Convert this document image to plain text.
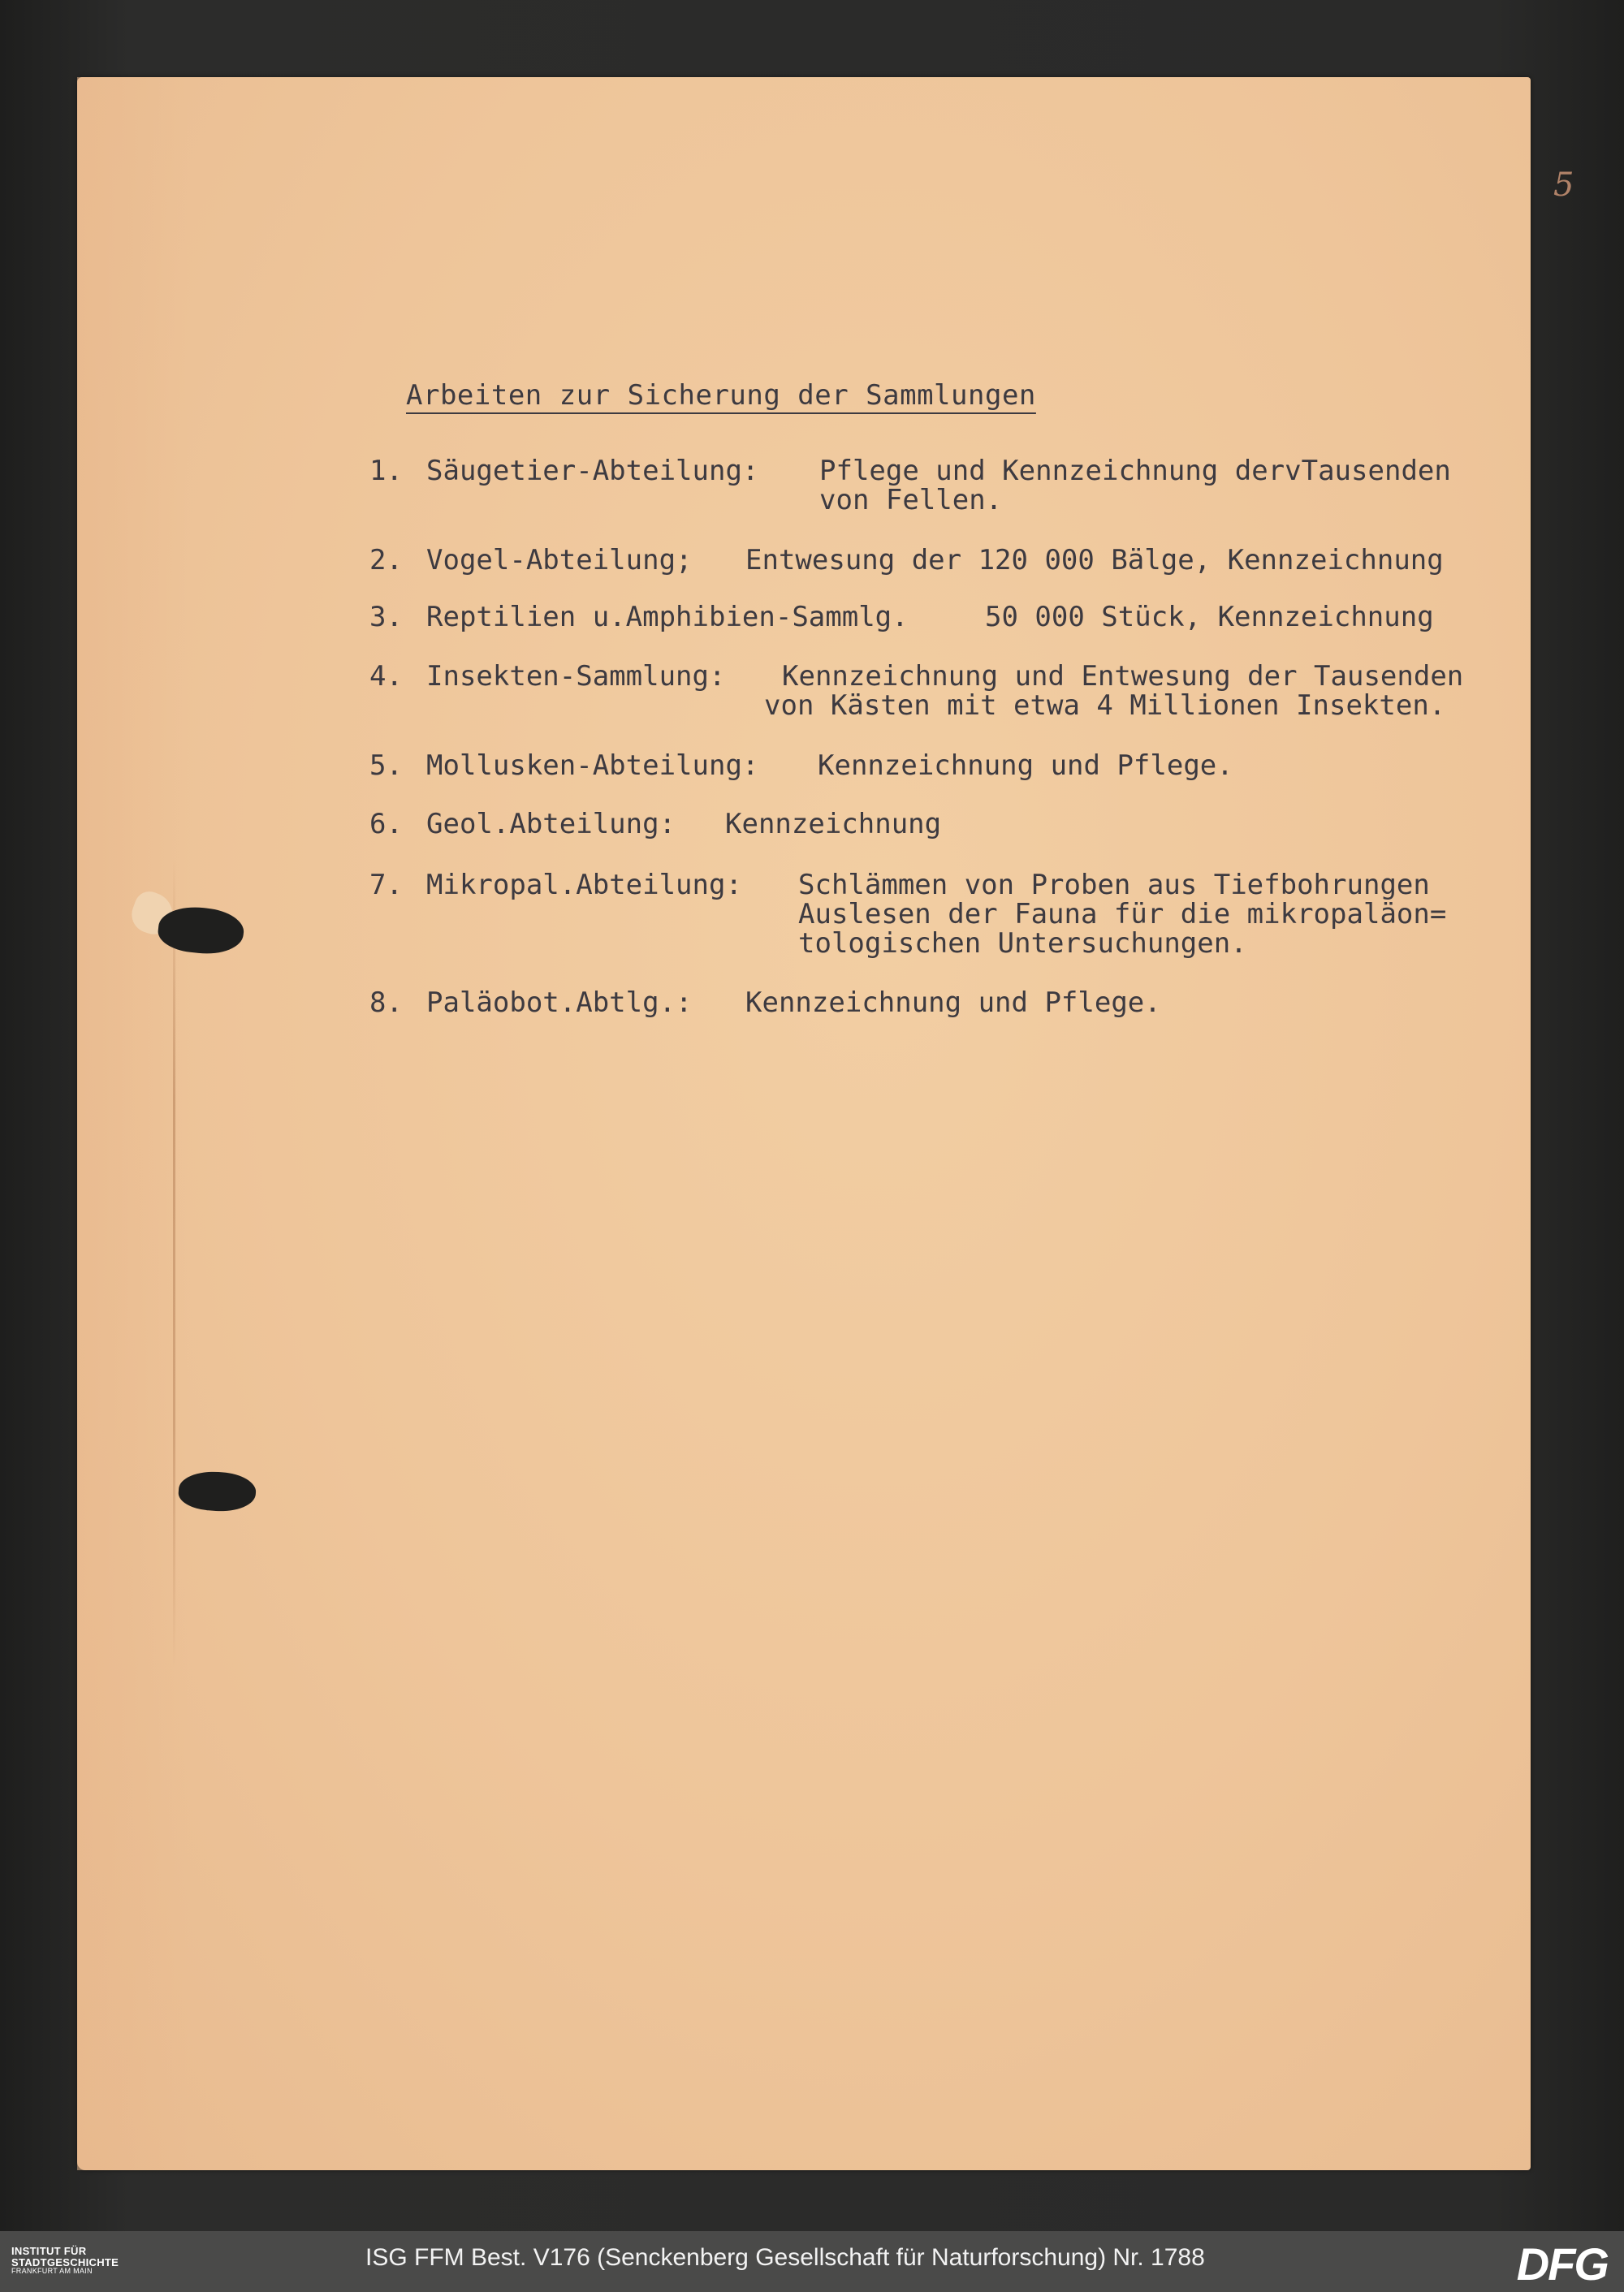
5
Arbeiten zur Sicherung der Sammlungen
1. Säugetier-Abteilung: Pflege und Kennzeichnung dervTausenden
von Fellen.
2. Vogel-Abteilung; Entwesung der 120 000 Bälge, Kennzeichnung
3. Reptilien u.Amphibien-Sammlg.	50 000 Stück, Kennzeichnung
4. Insekten-Sammlung: Kennzeichnung und Entwesung der Tausenden
von Kästen mit etwa 4 Millionen Insekten.
5. Mollusken-Abteilung: Kennzeichnung und Pflege.
6. Geol.Abteilung: Kennzeichnung
7. Mikropal.Abteilung: Schlämmen von Proben aus Tiefbohrungen
Auslesen der Fauna für die mikropaläon=
tologischen Untersuchungen.
8. Paläobot.Abtlg.: Kennzeichnung und Pflege.
INSTITUT FÜR
STADTGESCHICHTE
FRANKFURT AM MAIN
ISG FFM Best. V176 (Senckenberg Gesellschaft für Naturforschung) Nr. 1788	DFG
